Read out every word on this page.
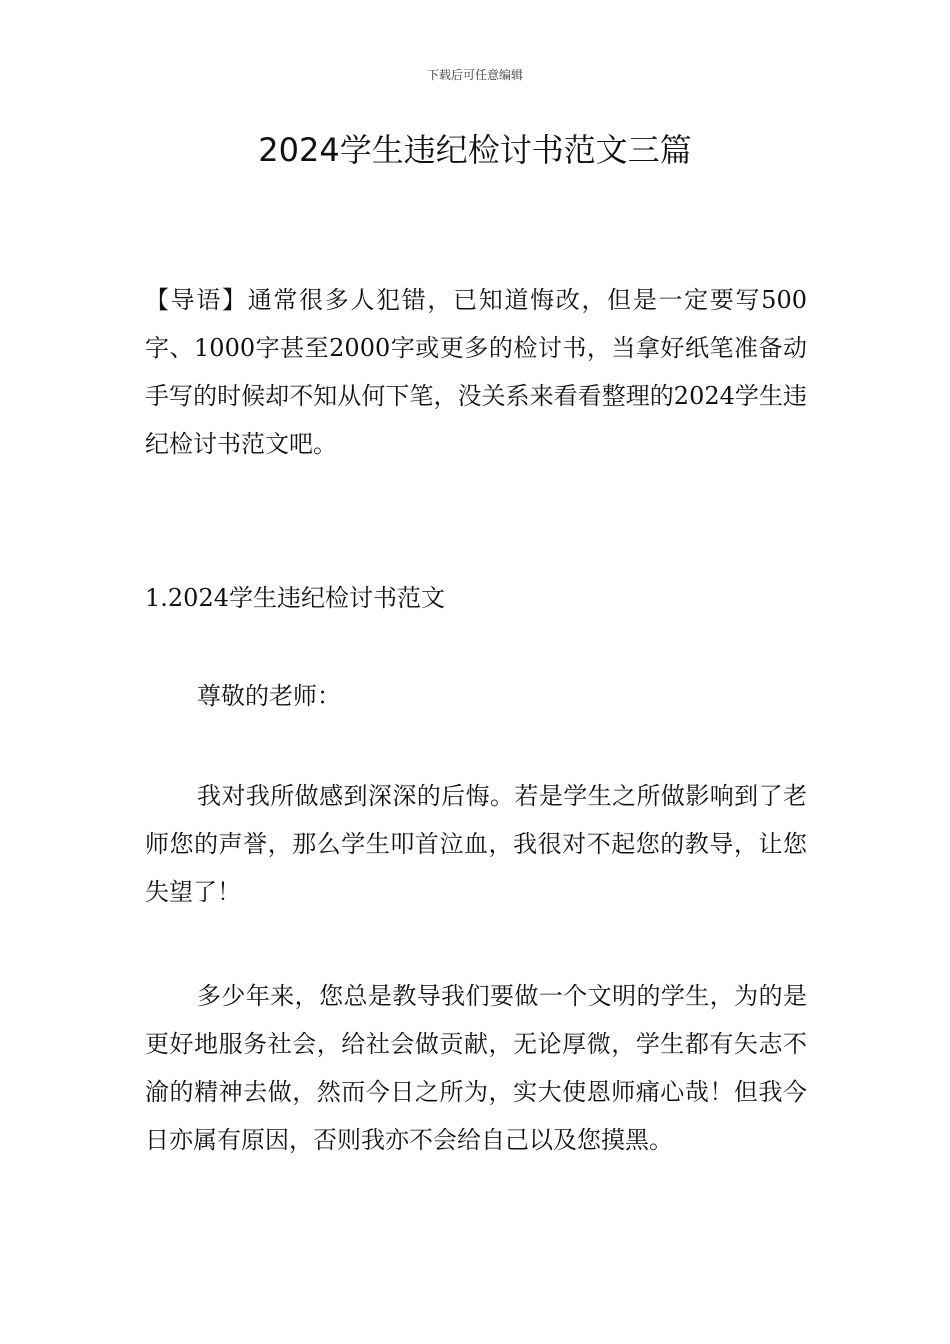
下载后可任意编辑
2024学生违纪检讨书范文三篇

【导语】通常很多人犯错，已知道悔改，但是一定要写500字、1000字甚至2000字或更多的检讨书，当拿好纸笔准备动手写的时候却不知从何下笔，没关系来看看整理的2024学生违纪检讨书范文吧。

1.2024学生违纪检讨书范文

尊敬的老师：

我对我所做感到深深的后悔。若是学生之所做影响到了老师您的声誉，那么学生叩首泣血，我很对不起您的教导，让您失望了！

多少年来，您总是教导我们要做一个文明的学生，为的是更好地服务社会，给社会做贡献，无论厚微，学生都有矢志不渝的精神去做，然而今日之所为，实大使恩师痛心哉！但我今日亦属有原因，否则我亦不会给自己以及您摸黑。
